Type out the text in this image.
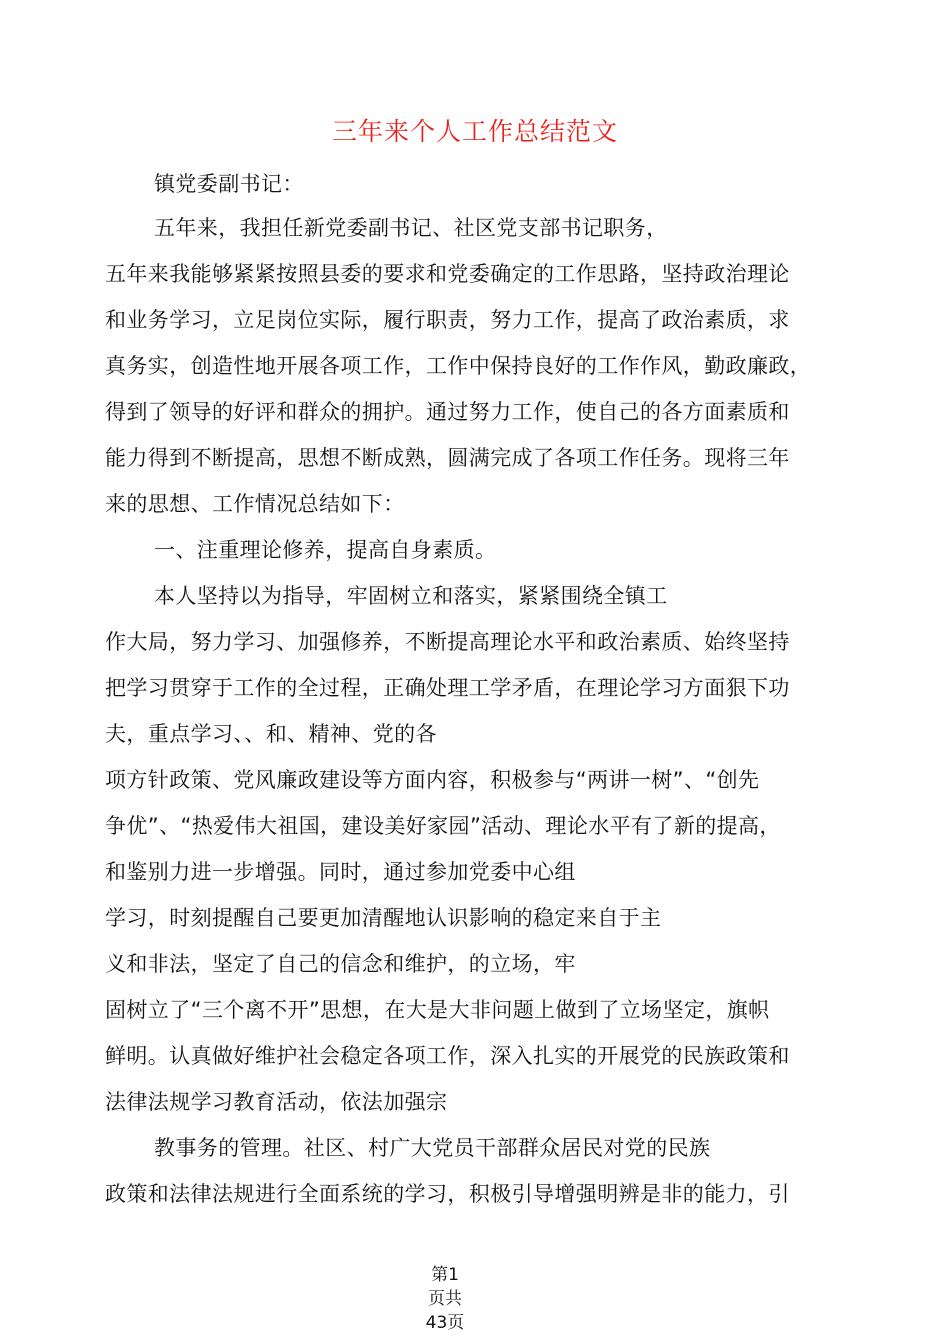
三年来个人工作总结范文
镇党委副书记：
五年来，我担任新党委副书记、社区党支部书记职务，
五年来我能够紧紧按照县委的要求和党委确定的工作思路，坚持政治理论
和业务学习，立足岗位实际，履行职责，努力工作，提高了政治素质，求
真务实，创造性地开展各项工作，工作中保持良好的工作作风，勤政廉政，
得到了领导的好评和群众的拥护。通过努力工作，使自己的各方面素质和
能力得到不断提高，思想不断成熟，圆满完成了各项工作任务。现将三年
来的思想、工作情况总结如下：
一、注重理论修养，提高自身素质。
本人坚持以为指导，牢固树立和落实，紧紧围绕全镇工
作大局，努力学习、加强修养，不断提高理论水平和政治素质、始终坚持
把学习贯穿于工作的全过程，正确处理工学矛盾，在理论学习方面狠下功
夫，重点学习、、和、精神、党的各
项方针政策、党风廉政建设等方面内容，积极参与“两讲一树”、“创先
争优”、“热爱伟大祖国，建设美好家园”活动、理论水平有了新的提高，
和鉴别力进一步增强。同时，通过参加党委中心组
学习，时刻提醒自己要更加清醒地认识影响的稳定来自于主
义和非法，坚定了自己的信念和维护，的立场，牢
固树立了“三个离不开”思想，在大是大非问题上做到了立场坚定，旗帜
鲜明。认真做好维护社会稳定各项工作，深入扎实的开展党的民族政策和
法律法规学习教育活动，依法加强宗
教事务的管理。社区、村广大党员干部群众居民对党的民族
政策和法律法规进行全面系统的学习，积极引导增强明辨是非的能力，引
第1
页共
43页
